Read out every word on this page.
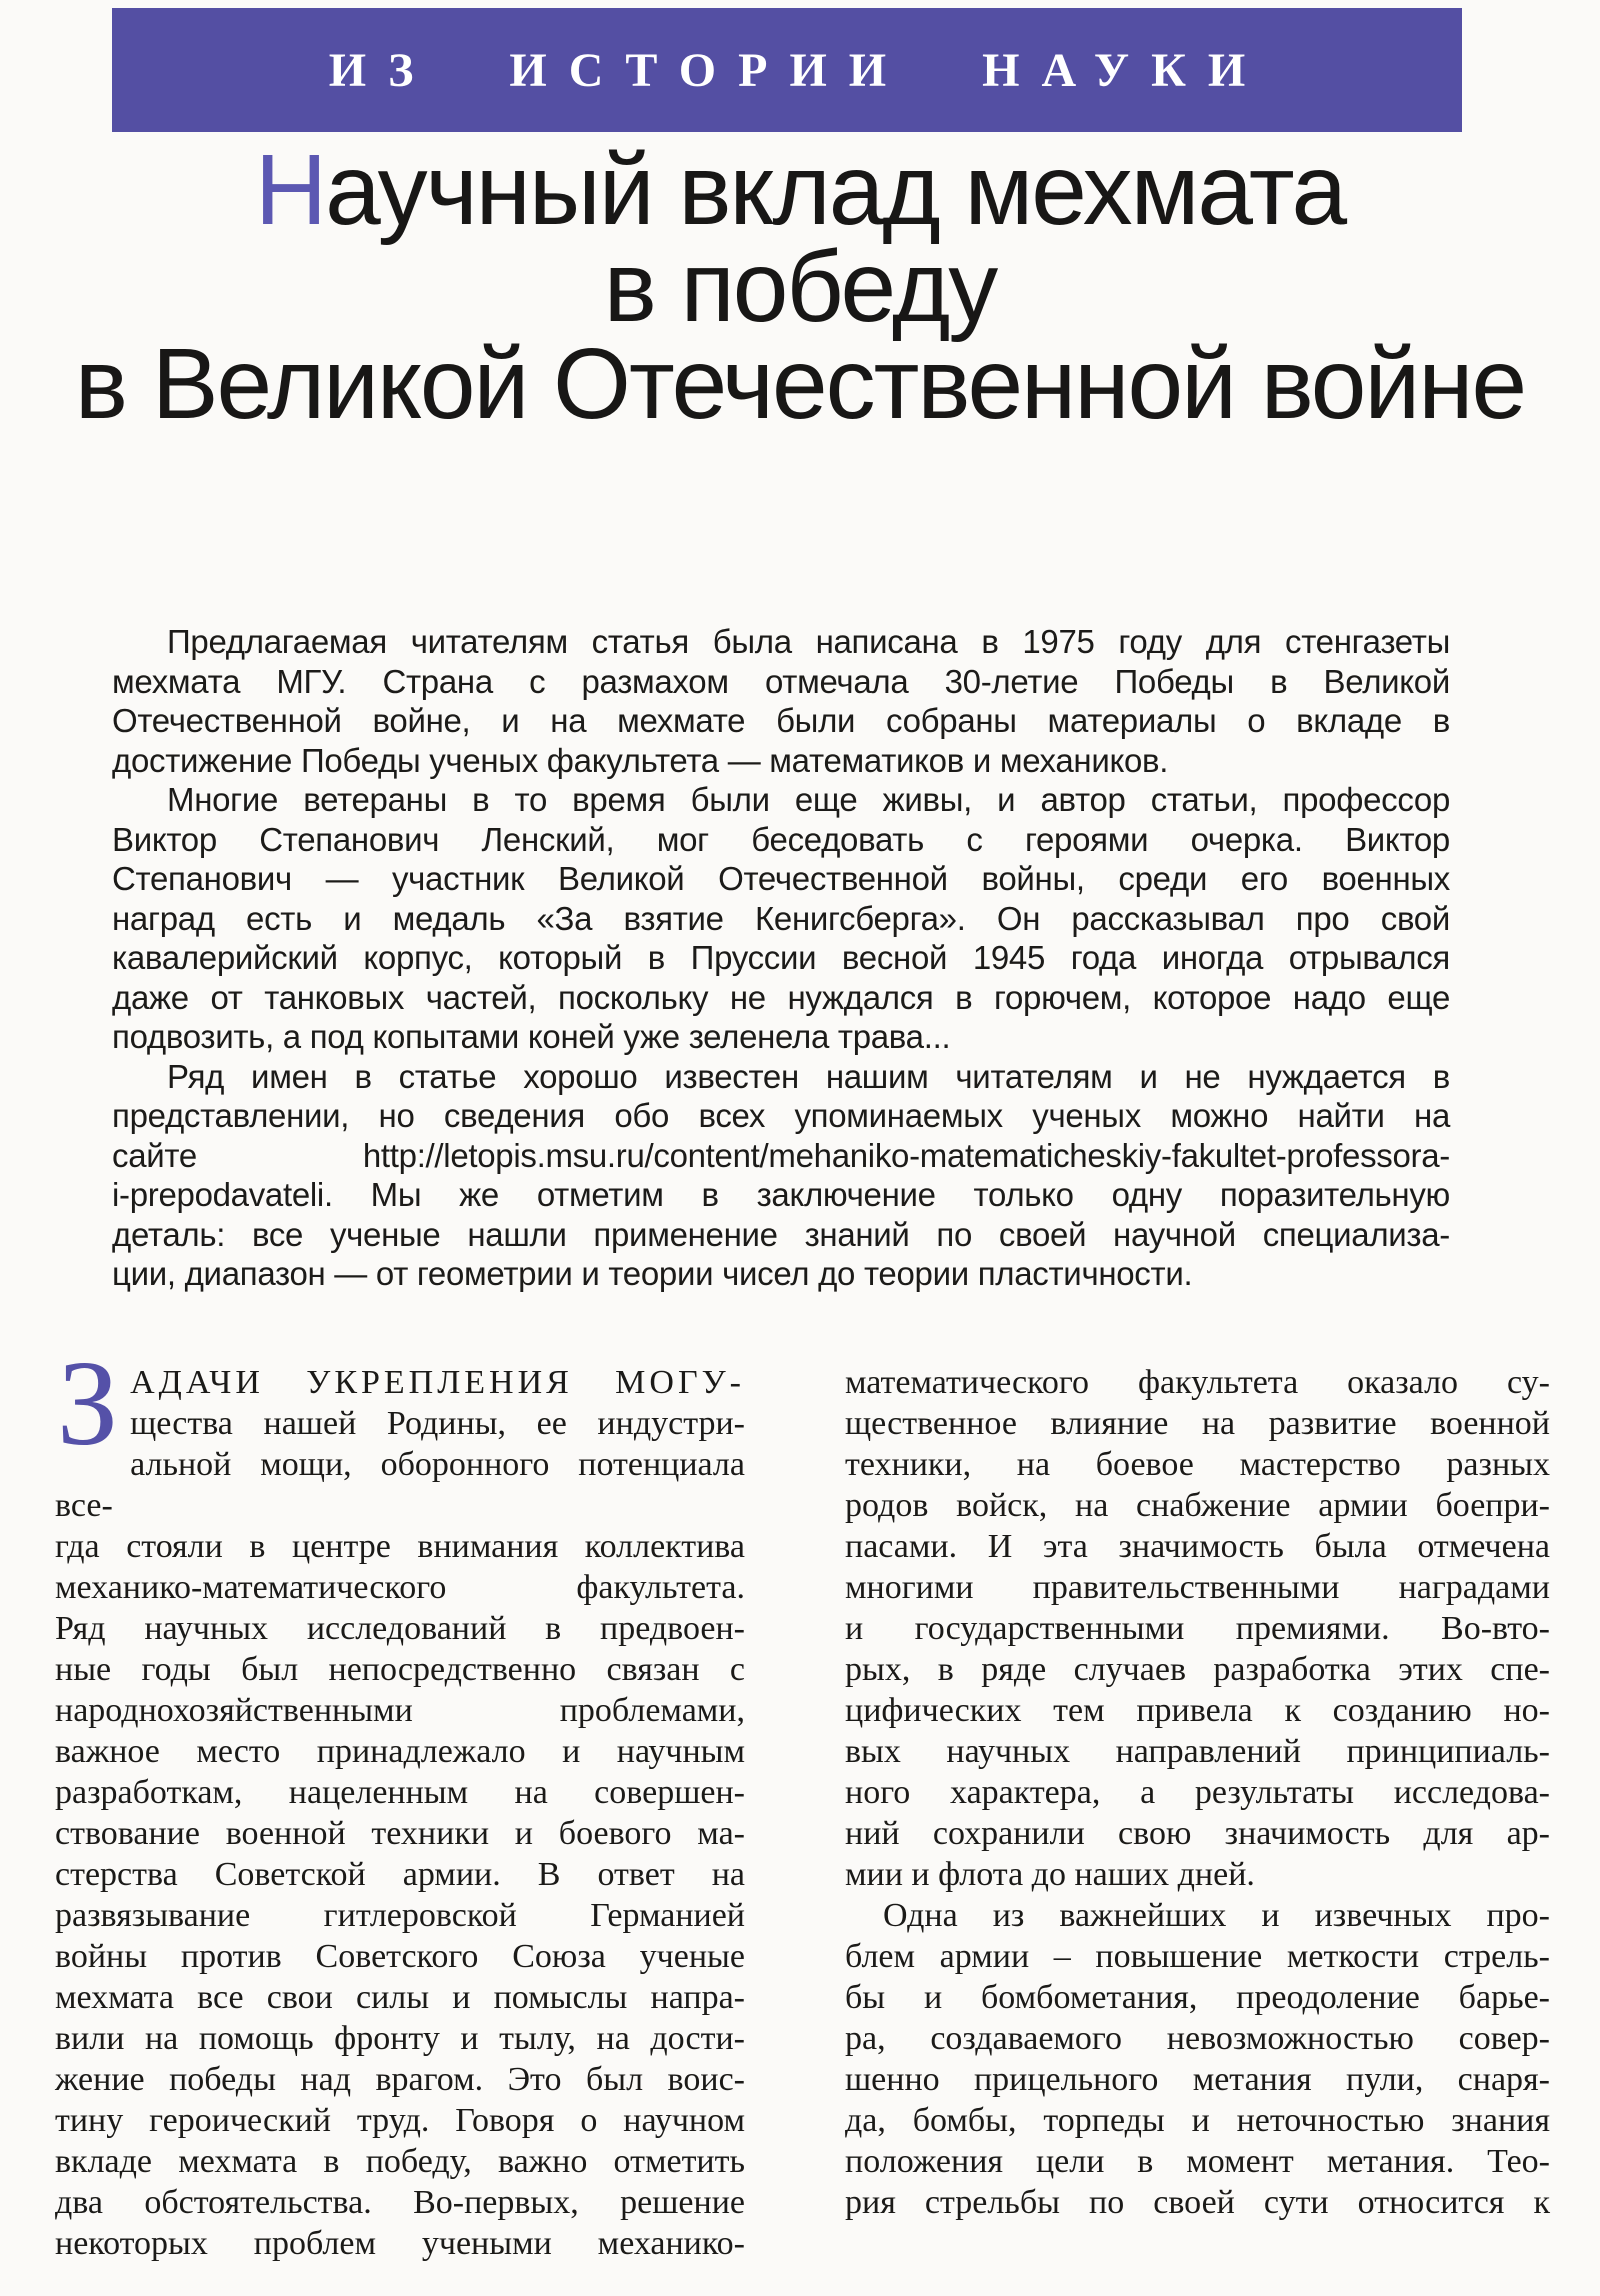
ИЗ ИСТОРИИ НАУКИ
Научный вклад мехмата
в победу
в Великой Отечественной войне
Предлагаемая читателям статья была написана в 1975 году для стенгазеты
мехмата МГУ. Страна с размахом отмечала 30-летие Победы в Великой
Отечественной войне, и на мехмате были собраны материалы о вкладе в
достижение Победы ученых факультета — математиков и механиков.
Многие ветераны в то время были еще живы, и автор статьи, профессор
Виктор Степанович Ленский, мог беседовать с героями очерка. Виктор
Степанович — участник Великой Отечественной войны, среди его военных
наград есть и медаль «За взятие Кенигсберга». Он рассказывал про свой
кавалерийский корпус, который в Пруссии весной 1945 года иногда отрывался
даже от танковых частей, поскольку не нуждался в горючем, которое надо еще
подвозить, а под копытами коней уже зеленела трава...
Ряд имен в статье хорошо известен нашим читателям и не нуждается в
представлении, но сведения обо всех упоминаемых ученых можно найти на
сайте http://letopis.msu.ru/content/mehaniko-matematicheskiy-fakultet-professora-
i-prepodavateli. Мы же отметим в заключение только одну поразительную
деталь: все ученые нашли применение знаний по своей научной специализа-
ции, диапазон — от геометрии и теории чисел до теории пластичности.
З АДАЧИ УКРЕПЛЕНИЯ МОГУ-
щества нашей Родины, ее индустри-
альной мощи, оборонного потенциала все-
гда стояли в центре внимания коллектива
механико-математического факультета.
Ряд научных исследований в предвоен-
ные годы был непосредственно связан с
народнохозяйственными проблемами,
важное место принадлежало и научным
разработкам, нацеленным на совершен-
ствование военной техники и боевого ма-
стерства Советской армии. В ответ на
развязывание гитлеровской Германией
войны против Советского Союза ученые
мехмата все свои силы и помыслы напра-
вили на помощь фронту и тылу, на дости-
жение победы над врагом. Это был воис-
тину героический труд. Говоря о научном
вкладе мехмата в победу, важно отметить
два обстоятельства. Во-первых, решение
некоторых проблем учеными механико-
математического факультета оказало су-
щественное влияние на развитие военной
техники, на боевое мастерство разных
родов войск, на снабжение армии боепри-
пасами. И эта значимость была отмечена
многими правительственными наградами
и государственными премиями. Во-вто-
рых, в ряде случаев разработка этих спе-
цифических тем привела к созданию но-
вых научных направлений принципиаль-
ного характера, а результаты исследова-
ний сохранили свою значимость для ар-
мии и флота до наших дней.
Одна из важнейших и извечных про-
блем армии – повышение меткости стрель-
бы и бомбометания, преодоление барье-
ра, создаваемого невозможностью совер-
шенно прицельного метания пули, снаря-
да, бомбы, торпеды и неточностью знания
положения цели в момент метания. Тео-
рия стрельбы по своей сути относится к
